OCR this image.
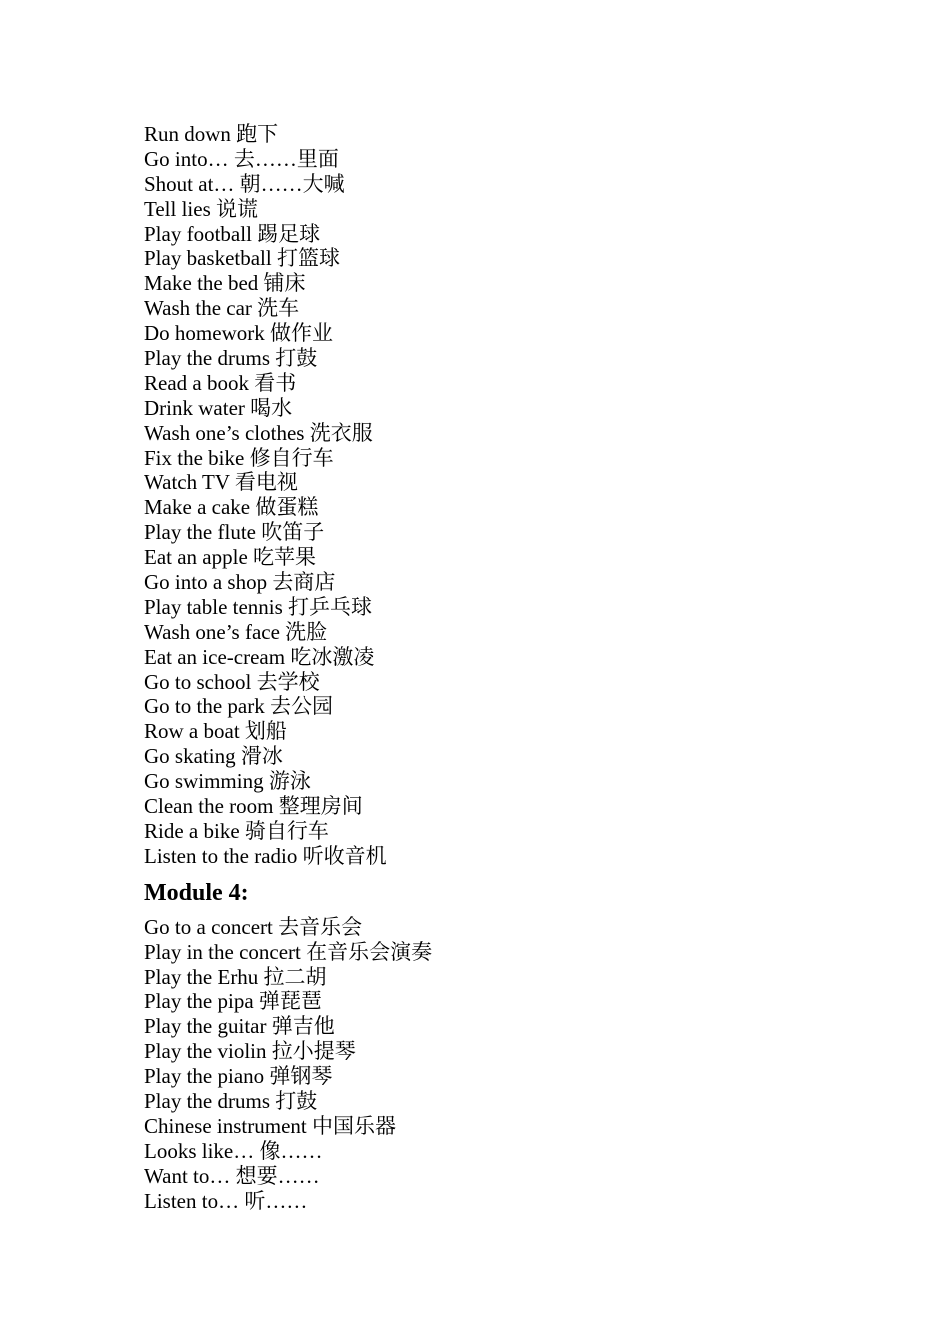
Run down 跑下
Go into… 去……里面
Shout at… 朝……大喊
Tell lies 说谎
Play football 踢足球
Play basketball 打篮球
Make the bed 铺床
Wash the car 洗车
Do homework 做作业
Play the drums 打鼓
Read a book 看书
Drink water 喝水
Wash one’s clothes 洗衣服
Fix the bike 修自行车
Watch TV 看电视
Make a cake 做蛋糕
Play the flute 吹笛子
Eat an apple 吃苹果
Go into a shop 去商店
Play table tennis 打乒乓球
Wash one’s face 洗脸
Eat an ice-cream 吃冰激凌
Go to school 去学校
Go to the park 去公园
Row a boat 划船
Go skating 滑冰
Go swimming 游泳
Clean the room 整理房间
Ride a bike 骑自行车
Listen to the radio 听收音机
Module 4:
Go to a concert 去音乐会
Play in the concert 在音乐会演奏
Play the Erhu 拉二胡
Play the pipa 弹琵琶
Play the guitar 弹吉他
Play the violin 拉小提琴
Play the piano 弹钢琴
Play the drums 打鼓
Chinese instrument 中国乐器
Looks like… 像……
Want to… 想要……
Listen to… 听……
